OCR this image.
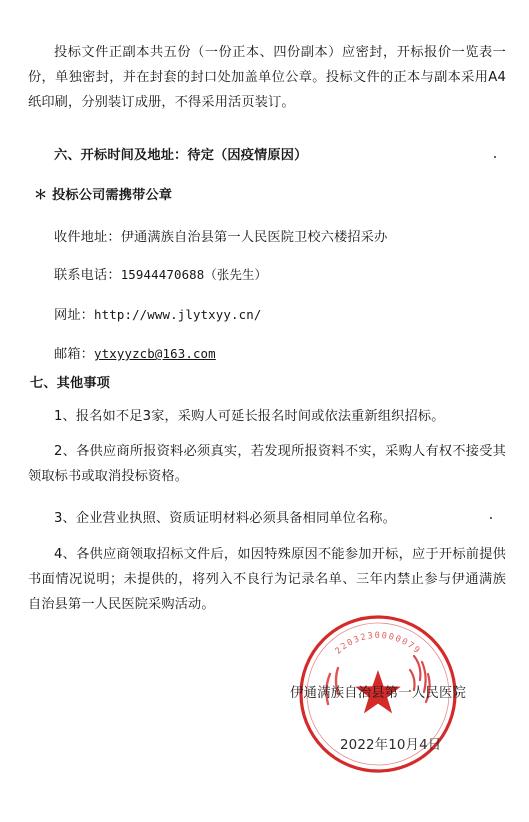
投标文件正副本共五份（一份正本、四份副本）应密封，开标报价一览表一份，单独密封，并在封套的封口处加盖单位公章。投标文件的正本与副本采用A4纸印刷，分别装订成册，不得采用活页装订。

六、开标时间及地址：待定（因疫情原因）

＊ 投标公司需携带公章

收件地址：伊通满族自治县第一人民医院卫校六楼招采办

联系电话：15944470688（张先生）

网址：http://www.jlytxyy.cn/

邮箱：ytxyyzcb@163.com

七、其他事项

1、报名如不足3家，采购人可延长报名时间或依法重新组织招标。

2、各供应商所报资料必须真实，若发现所报资料不实，采购人有权不接受其领取标书或取消投标资格。

3、企业营业执照、资质证明材料必须具备相同单位名称。

4、各供应商领取招标文件后，如因特殊原因不能参加开标，应于开标前提供书面情况说明；未提供的，将列入不良行为记录名单、三年内禁止参与伊通满族自治县第一人民医院采购活动。

2203230000079
伊通满族自治县第一人民医院
2022年10月4日
